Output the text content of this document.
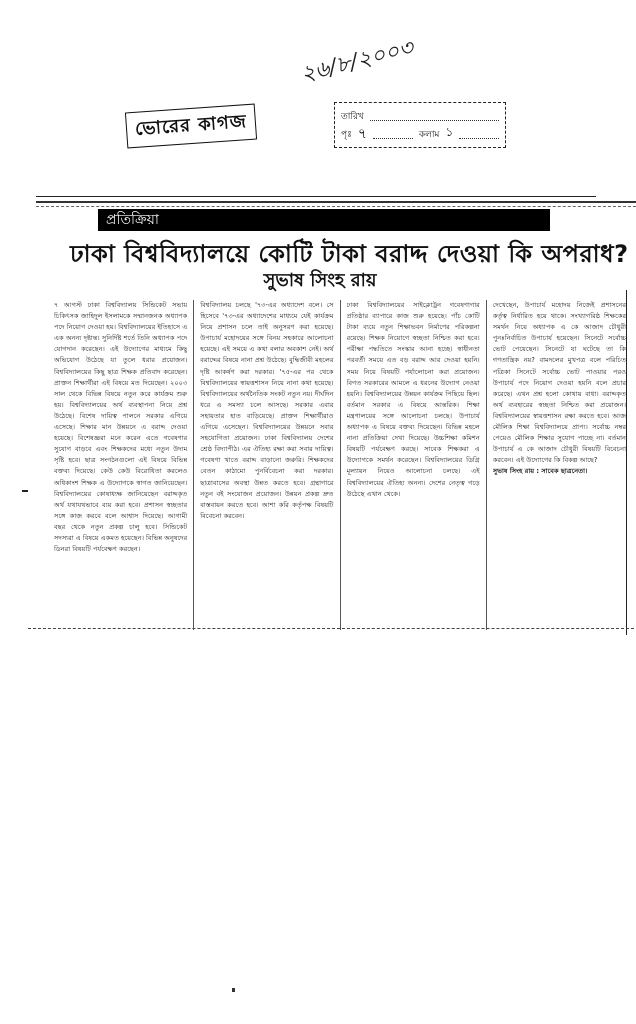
ভোরের কাগজ
২৬/৮/২০০৩
তারিখ
পৃঃ ৭	কলাম ১
প্রতিক্রিয়া
ঢাকা বিশ্ববিদ্যালয়ে কোটি টাকা বরাদ্দ দেওয়া কি অপরাধ?
সুভাষ সিংহ রায়

৭ আগস্ট ঢাকা বিশ্ববিদ্যালয় সিন্ডিকেট সভায় চিকিৎসক জাহিদুল ইসলামকে সম্মানজনক অধ্যাপক পদে নিয়োগ দেওয়া হয়। বিশ্ববিদ্যালয়ের ইতিহাসে এ এক অনন্য দৃষ্টান্ত। সুনির্দিষ্ট শর্তে তিনি অধ্যাপক পদে যোগদান করেছেন। এই উদ্যোগের মাধ্যমে কিছু অভিযোগ উঠেছে যা তুলে ধরার প্রয়োজন। বিশ্ববিদ্যালয়ের কিছু ছাত্র শিক্ষক প্রতিবাদ করেছেন। প্রাক্তন শিক্ষার্থীরা এই বিষয়ে মত দিয়েছেন। ২০০৩ সাল থেকে বিভিন্ন বিষয়ে নতুন করে কার্যক্রম শুরু হয়। বিশ্ববিদ্যালয়ের অর্থ ব্যবস্থাপনা নিয়ে প্রশ্ন উঠেছে। বিশেষ দায়িত্ব পালনে সরকার এগিয়ে এসেছে। শিক্ষার মান উন্নয়নে এ বরাদ্দ দেওয়া হয়েছে। বিশেষজ্ঞরা মনে করেন এতে গবেষণার সুযোগ বাড়বে এবং শিক্ষকদের মধ্যে নতুন উদ্যম সৃষ্টি হবে। ছাত্র সংগঠনগুলো এই বিষয়ে বিভিন্ন বক্তব্য দিয়েছে। কেউ কেউ বিরোধিতা করলেও অধিকাংশ শিক্ষক এ উদ্যোগকে স্বাগত জানিয়েছেন। বিশ্ববিদ্যালয়ের কোষাধ্যক্ষ জানিয়েছেন বরাদ্দকৃত অর্থ যথাযথভাবে ব্যয় করা হবে। প্রশাসন স্বচ্ছতার সঙ্গে কাজ করবে বলে আশ্বাস দিয়েছে। আগামী বছর থেকে নতুন প্রকল্প চালু হবে। সিন্ডিকেট সদস্যরা এ বিষয়ে একমত হয়েছেন। বিভিন্ন অনুষদের ডিনরা বিষয়টি পর্যবেক্ষণ করছেন।

বিশ্ববিদ্যালয় চলছে '৭৩-এর অধ্যাদেশ বলে। সে হিসেবে '৭৩-এর অধ্যাদেশের মাধ্যমে যেই কার্যক্রম নিয়ে প্রশাসন চলে তাই অনুসরণ করা হয়েছে। উপাচার্য মহোদয়ের সঙ্গে বিনয় সহকারে আলোচনা হয়েছে। এই সময়ে এ কথা বলার অবকাশ নেই। অর্থ বরাদ্দের বিষয়ে নানা প্রশ্ন উঠেছে। বুদ্ধিজীবী মহলের দৃষ্টি আকর্ষণ করা দরকার। '৭৫-এর পর থেকে বিশ্ববিদ্যালয়ের স্বায়ত্তশাসন নিয়ে নানা কথা হয়েছে। বিশ্ববিদ্যালয়ের অর্থনৈতিক সংকট নতুন নয়। দীর্ঘদিন ধরে এ সমস্যা চলে আসছে। সরকার এবার সহায়তার হাত বাড়িয়েছে। প্রাক্তন শিক্ষার্থীরাও এগিয়ে এসেছেন। বিশ্ববিদ্যালয়ের উন্নয়নে সবার সহযোগিতা প্রয়োজন। ঢাকা বিশ্ববিদ্যালয় দেশের শ্রেষ্ঠ বিদ্যাপীঠ। এর ঐতিহ্য রক্ষা করা সবার দায়িত্ব। গবেষণা খাতে বরাদ্দ বাড়ানো জরুরি। শিক্ষকদের বেতন কাঠামো পুনর্বিবেচনা করা দরকার। ছাত্রাবাসের অবস্থা উন্নত করতে হবে। গ্রন্থাগারে নতুন বই সংযোজন প্রয়োজন। উন্নয়ন প্রকল্প দ্রুত বাস্তবায়ন করতে হবে। আশা করি কর্তৃপক্ষ বিষয়টি বিবেচনা করবেন।

ঢাকা বিশ্ববিদ্যালয়ের সাইক্লোট্রন গবেষণাগার প্রতিষ্ঠার ব্যাপারে কাজ শুরু হয়েছে। পাঁচ কোটি টাকা ব্যয়ে নতুন শিক্ষাভবন নির্মাণের পরিকল্পনা রয়েছে। শিক্ষক নিয়োগে স্বচ্ছতা নিশ্চিত করা হবে। পরীক্ষা পদ্ধতিতে সংস্কার আনা হচ্ছে। স্বাধীনতা পরবর্তী সময়ে এত বড় বরাদ্দ আর দেওয়া হয়নি। সময় নিয়ে বিষয়টি পর্যালোচনা করা প্রয়োজন। বিগত সরকারের আমলে এ ধরনের উদ্যোগ নেওয়া হয়নি। বিশ্ববিদ্যালয়ের উন্নয়ন কার্যক্রম পিছিয়ে ছিল। বর্তমান সরকার এ বিষয়ে আন্তরিক। শিক্ষা মন্ত্রণালয়ের সঙ্গে আলোচনা চলছে। উপাচার্য অধ্যাপক এ বিষয়ে বক্তব্য দিয়েছেন। বিভিন্ন মহলে নানা প্রতিক্রিয়া দেখা দিয়েছে। উচ্চশিক্ষা কমিশন বিষয়টি পর্যবেক্ষণ করছে। সাবেক শিক্ষকরা এ উদ্যোগকে সমর্থন করেছেন। বিশ্ববিদ্যালয়ের ডিগ্রি মূল্যায়ন নিয়েও আলোচনা চলছে। এই বিশ্ববিদ্যালয়ের ঐতিহ্য অনন্য। দেশের নেতৃত্ব গড়ে উঠেছে এখান থেকে।

দেখেছেন, উপাচার্য মহোদয় নিজেই প্রশাসনের কর্তৃত্ব নির্ধারিত হয়ে থাকে। সংখ্যাগরিষ্ঠ শিক্ষকের সমর্থন নিয়ে অধ্যাপক এ কে আজাদ চৌধুরী পুনঃনির্বাচিত উপাচার্য হয়েছেন। সিনেটে সর্বোচ্চ ভোট পেয়েছেন। সিনেটে যা ঘটেছে তা কি গণতান্ত্রিক নয়? বামদলের মুখপত্র বলে পরিচিত পত্রিকা সিনেটে সর্বোচ্চ ভোট পাওয়ার পরও উপাচার্য পদে নিয়োগ দেওয়া হয়নি বলে প্রচার করেছে। এখন প্রশ্ন হলো কোথায় বাধা। বরাদ্দকৃত অর্থ ব্যবহারের স্বচ্ছতা নিশ্চিত করা প্রয়োজন। বিশ্ববিদ্যালয়ের স্বায়ত্তশাসন রক্ষা করতে হবে। আজ মৌলিক শিক্ষা বিশ্ববিদ্যালয়ে প্রাপ্য। সর্বোচ্চ নম্বর পেয়েও মৌলিক শিক্ষার সুযোগ পাচ্ছে না। বর্তমান উপাচার্য এ কে আজাদ চৌধুরী বিষয়টি বিবেচনা করবেন। এই উদ্যোগের কি বিকল্প আছে?

সুভাষ সিংহ রায় : সাবেক ছাত্রনেতা।
